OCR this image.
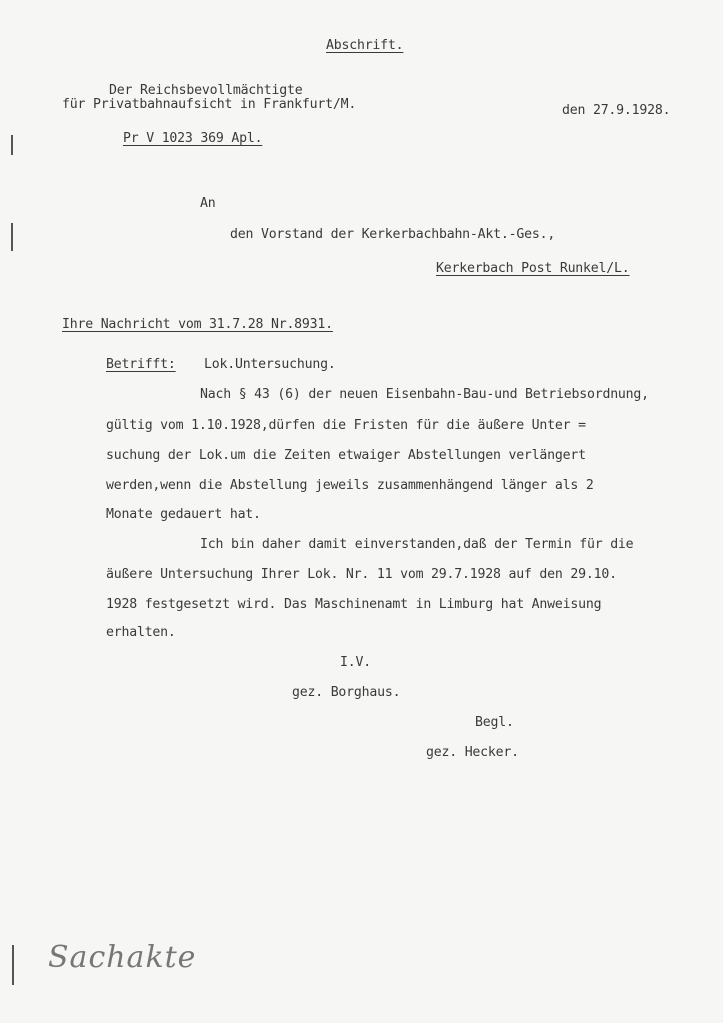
Abschrift.
Der Reichsbevollmächtigte
für Privatbahnaufsicht in Frankfurt/M.	den 27.9.1928.
Pr V 1023 369 Apl.
An
den Vorstand der Kerkerbachbahn-Akt.-Ges.,
Kerkerbach Post Runkel/L.
Ihre Nachricht vom 31.7.28 Nr.8931.
Betrifft: Lok.Untersuchung.
Nach § 43 (6) der neuen Eisenbahn-Bau-und Betriebsordnung,
gültig vom 1.10.1928,dürfen die Fristen für die äußere Unter =
suchung der Lok.um die Zeiten etwaiger Abstellungen verlängert
werden,wenn die Abstellung jeweils zusammenhängend länger als 2
Monate gedauert hat.
Ich bin daher damit einverstanden,daß der Termin für die
äußere Untersuchung Ihrer Lok. Nr. 11 vom 29.7.1928 auf den 29.10.
1928 festgesetzt wird. Das Maschinenamt in Limburg hat Anweisung
erhalten.
I.V.
gez. Borghaus.
Begl.
gez. Hecker.
Sachakte
